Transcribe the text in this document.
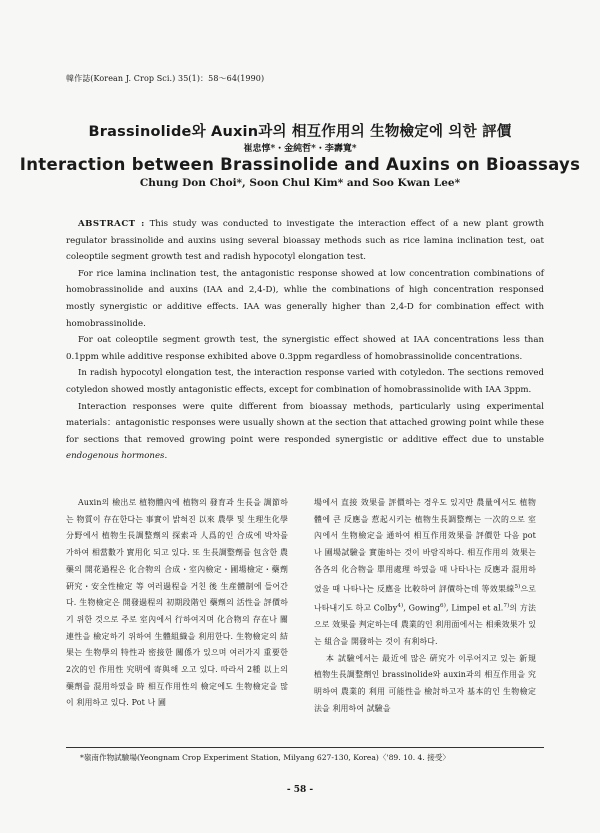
韓作誌(Korean J. Crop Sci.) 35(1)：58～64(1990)
Brassinolide와 Auxin과의 相互作用의 生物檢定에 의한 評價
崔忠惇*・金純哲*・李壽寬*
Interaction between Brassinolide and Auxins on Bioassays
Chung Don Choi*, Soon Chul Kim* and Soo Kwan Lee*

ABSTRACT : This study was conducted to investigate the interaction effect of a new plant growth regulator brassinolide and auxins using several bioassay methods such as rice lamina inclination test, oat coleoptile segment growth test and radish hypocotyl elongation test.

For rice lamina inclination test, the antagonistic response showed at low concentration combinations of homobrassinolide and auxins (IAA and 2,4-D), whlie the combinations of high concentration responsed mostly synergistic or additive effects. IAA was generally higher than 2,4-D for combination effect with homobrassinolide.

For oat coleoptile segment growth test, the synergistic effect showed at IAA concentrations less than 0.1ppm while additive response exhibited above 0.3ppm regardless of homobrassinolide concentrations.

In radish hypocotyl elongation test, the interaction response varied with cotyledon. The sections removed cotyledon showed mostly antagonistic effects, except for combination of homobrassinolide with IAA 3ppm.

Interaction responses were quite different from bioassay methods, particularly using experimental materials：antagonistic responses were usually shown at the section that attached growing point while these for sections that removed growing point were responded synergistic or additive effect due to unstable endogenous hormones.

Auxin의 檢出로 植物體內에 植物의 發育과 生長을 調節하는 物質이 存在한다는 事實이 밝혀진 以來 農學 및 生理生化學分野에서 植物生長調整劑의 探索과 人爲的인 合成에 박차를 가하여 相當數가 實用化 되고 있다. 또 生長調整劑를 包含한 農藥의 開花過程은 化合物의 合成・室內檢定・圃場檢定・藥劑硏究・安全性檢定 等 여러過程을 거친 後 生産體制에 들어간다. 生物檢定은 開發過程의 初期段階인 藥劑의 活性을 評價하기 위한 것으로 주로 室內에서 行하여지며 化合物의 存在나 關連性을 檢定하기 위하여 生體組織을 利用한다. 生物檢定의 結果는 生物學의 特性과 密接한 關係가 있으며 여러가지 重要한 2次的인 作用性 究明에 寄與해 오고 있다. 따라서 2種 以上의 藥劑를 混用하였을 時 相互作用性의 檢定에도 生物檢定을 많이 利用하고 있다. Pot 나 圃

場에서 直接 效果를 評價하는 경우도 있지만 農量에서도 植物體에 큰 反應을 惹起시키는 植物生長調整劑는 一次的으로 室內에서 生物檢定을 通하여 相互作用效果를 評價한 다음 pot 나 圃場試驗을 實施하는 것이 바람직하다. 相互作用의 效果는 各各의 化合物을 單用處理 하였을 때 나타나는 反應과 混用하였을 때 나타나는 反應을 比較하여 評價하는데 等效果線$^{5)}$으로 나타내기도 하고 Colby$^{4)}$, Gowing$^{6)}$, Limpel et al.$^{7)}$의 方法으로 效果를 判定하는데 農業的인 利用面에서는 相乘效果가 있는 組合을 開發하는 것이 有利하다.

本 試驗에서는 最近에 많은 硏究가 이루어지고 있는 新規 植物生長調整劑인 brassinolide와 auxin과의 相互作用을 究明하여 農業的 利用 可能性을 檢討하고자 基本的인 生物檢定法을 利用하여 試驗을

*嶺南作物試驗場(Yeongnam Crop Experiment Station, Milyang 627-130, Korea)〈'89. 10. 4. 接受〉
- 58 -
